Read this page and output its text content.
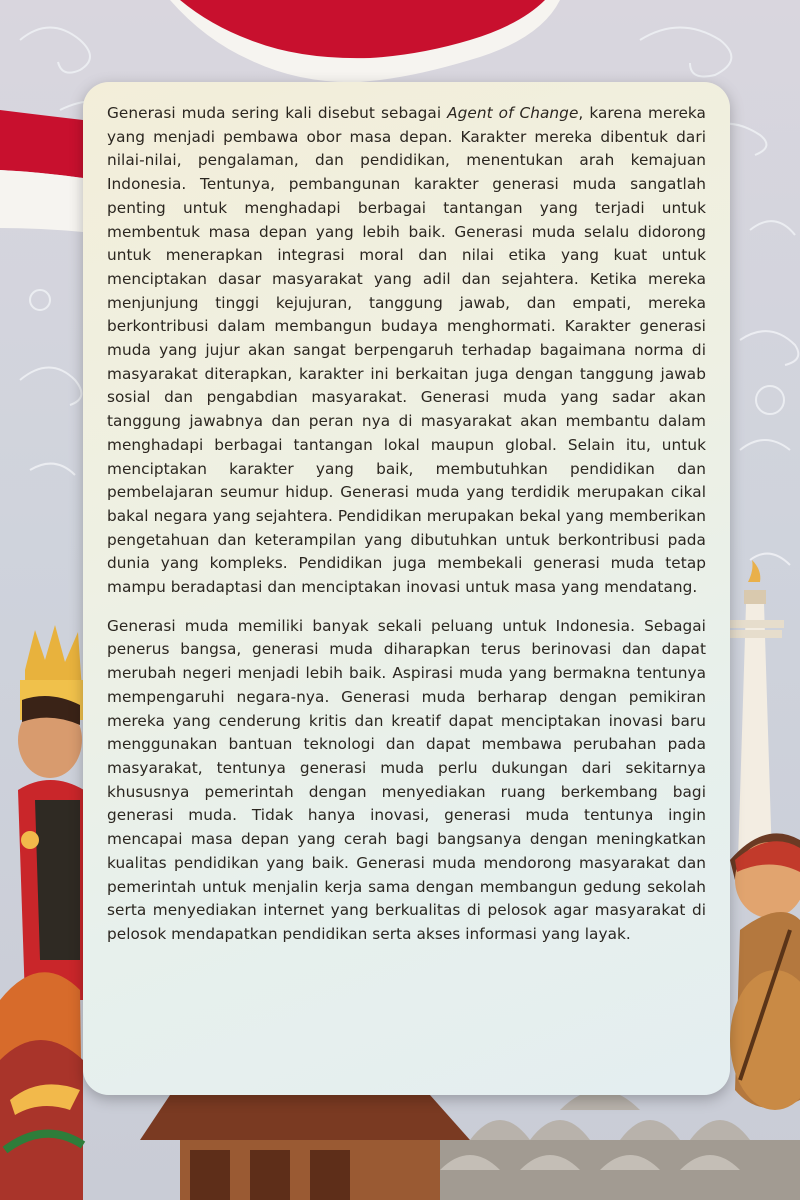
Generasi muda sering kali disebut sebagai Agent of Change, karena mereka yang menjadi pembawa obor masa depan. Karakter mereka dibentuk dari nilai-nilai, pengalaman, dan pendidikan, menentukan arah kemajuan Indonesia. Tentunya, pembangunan karakter generasi muda sangatlah penting untuk menghadapi berbagai tantangan yang terjadi untuk membentuk masa depan yang lebih baik. Generasi muda selalu didorong untuk menerapkan integrasi moral dan nilai etika yang kuat untuk menciptakan dasar masyarakat yang adil dan sejahtera. Ketika mereka menjunjung tinggi kejujuran, tanggung jawab, dan empati, mereka berkontribusi dalam membangun budaya menghormati. Karakter generasi muda yang jujur akan sangat berpengaruh terhadap bagaimana norma di masyarakat diterapkan, karakter ini berkaitan juga dengan tanggung jawab sosial dan pengabdian masyarakat. Generasi muda yang sadar akan tanggung jawabnya dan peran nya di masyarakat akan membantu dalam menghadapi berbagai tantangan lokal maupun global. Selain itu, untuk menciptakan karakter yang baik, membutuhkan pendidikan dan pembelajaran seumur hidup. Generasi muda yang terdidik merupakan cikal bakal negara yang sejahtera. Pendidikan merupakan bekal yang memberikan pengetahuan dan keterampilan yang dibutuhkan untuk berkontribusi pada dunia yang kompleks. Pendidikan juga membekali generasi muda tetap mampu beradaptasi dan menciptakan inovasi untuk masa yang mendatang.

Generasi muda memiliki banyak sekali peluang untuk Indonesia. Sebagai penerus bangsa, generasi muda diharapkan terus berinovasi dan dapat merubah negeri menjadi lebih baik. Aspirasi muda yang bermakna tentunya mempengaruhi negara-nya. Generasi muda berharap dengan pemikiran mereka yang cenderung kritis dan kreatif dapat menciptakan inovasi baru menggunakan bantuan teknologi dan dapat membawa perubahan pada masyarakat, tentunya generasi muda perlu dukungan dari sekitarnya khususnya pemerintah dengan menyediakan ruang berkembang bagi generasi muda. Tidak hanya inovasi, generasi muda tentunya ingin mencapai masa depan yang cerah bagi bangsanya dengan meningkatkan kualitas pendidikan yang baik. Generasi muda mendorong masyarakat dan pemerintah untuk menjalin kerja sama dengan membangun gedung sekolah serta menyediakan internet yang berkualitas di pelosok agar masyarakat di pelosok mendapatkan pendidikan serta akses informasi yang layak.
